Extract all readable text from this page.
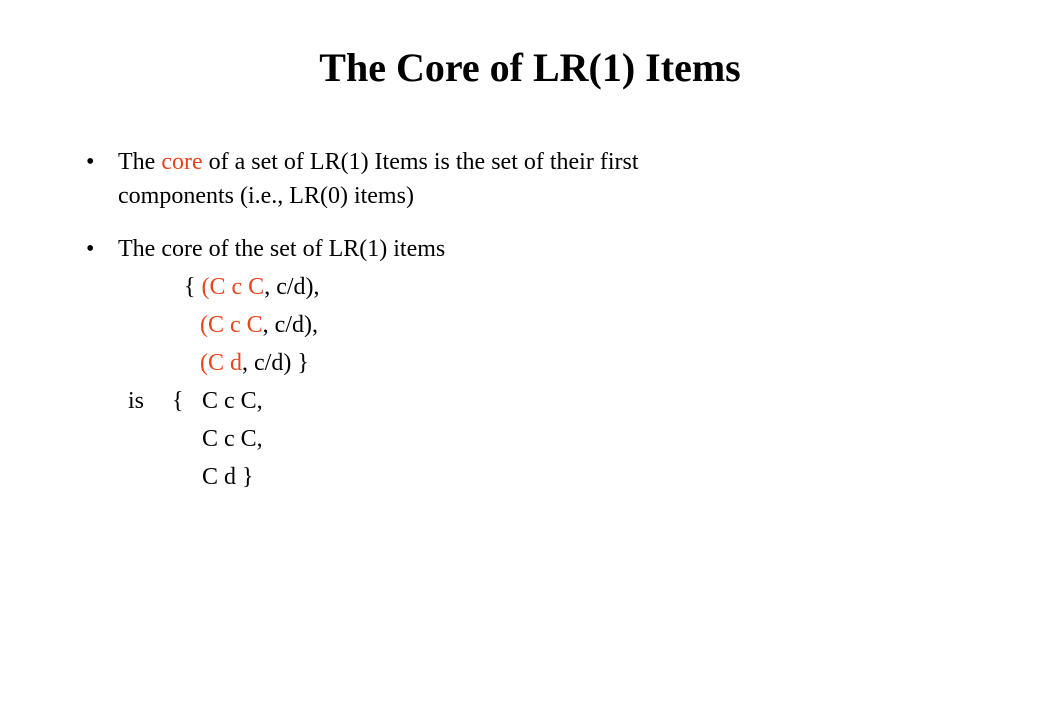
The Core of LR(1) Items
• The core of a set of LR(1) Items is the set of their first
components (i.e., LR(0) items)
• The core of the set of LR(1) items
{ (C c C, c/d),
(C c C, c/d),
(C d, c/d) }
is { C c C,
C c C,
C d }
